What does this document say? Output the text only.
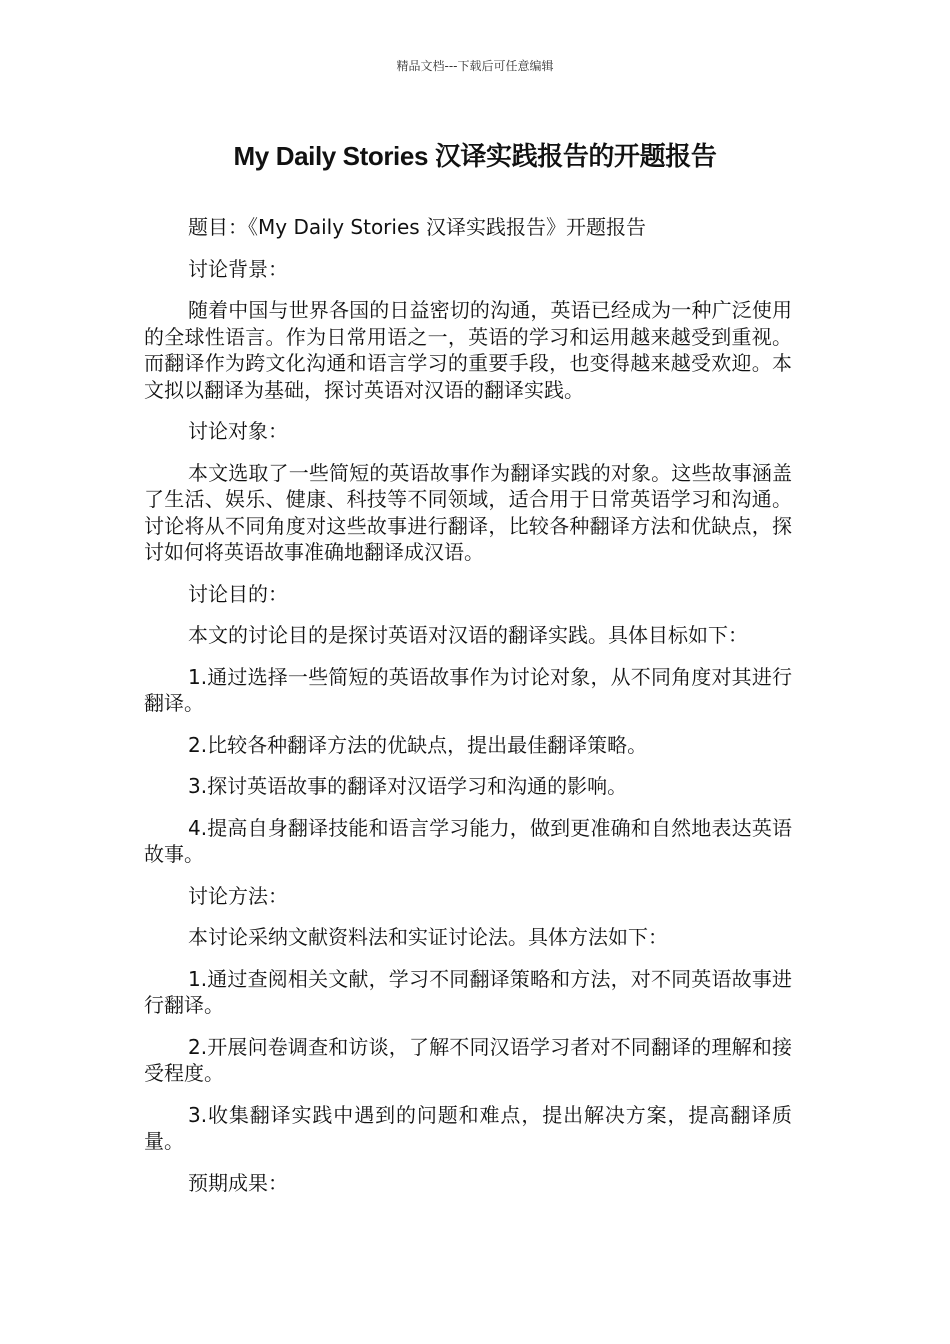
精品文档---下载后可任意编辑
My Daily Stories 汉译实践报告的开题报告

题目：《My Daily Stories 汉译实践报告》开题报告

讨论背景：

随着中国与世界各国的日益密切的沟通，英语已经成为一种广泛使用的全球性语言。作为日常用语之一，英语的学习和运用越来越受到重视。而翻译作为跨文化沟通和语言学习的重要手段，也变得越来越受欢迎。本文拟以翻译为基础，探讨英语对汉语的翻译实践。

讨论对象：

本文选取了一些简短的英语故事作为翻译实践的对象。这些故事涵盖了生活、娱乐、健康、科技等不同领域，适合用于日常英语学习和沟通。讨论将从不同角度对这些故事进行翻译，比较各种翻译方法和优缺点，探讨如何将英语故事准确地翻译成汉语。

讨论目的：

本文的讨论目的是探讨英语对汉语的翻译实践。具体目标如下：

1.通过选择一些简短的英语故事作为讨论对象，从不同角度对其进行翻译。

2.比较各种翻译方法的优缺点，提出最佳翻译策略。

3.探讨英语故事的翻译对汉语学习和沟通的影响。

4.提高自身翻译技能和语言学习能力，做到更准确和自然地表达英语故事。

讨论方法：

本讨论采纳文献资料法和实证讨论法。具体方法如下：

1.通过查阅相关文献，学习不同翻译策略和方法，对不同英语故事进行翻译。

2.开展问卷调查和访谈，了解不同汉语学习者对不同翻译的理解和接受程度。

3.收集翻译实践中遇到的问题和难点，提出解决方案，提高翻译质量。

预期成果：
